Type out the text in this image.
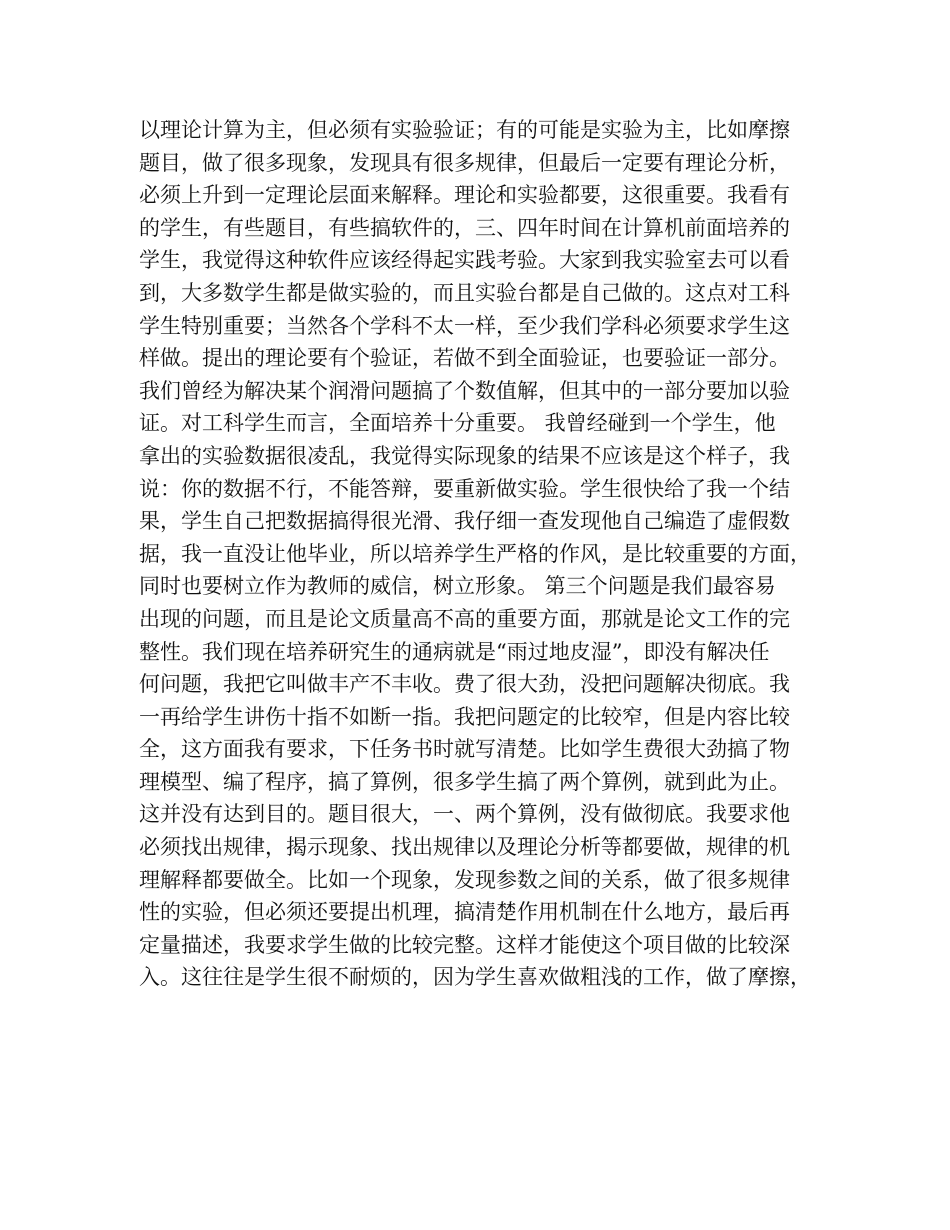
以理论计算为主，但必须有实验验证；有的可能是实验为主，比如摩擦
题目，做了很多现象，发现具有很多规律，但最后一定要有理论分析，
必须上升到一定理论层面来解释。理论和实验都要，这很重要。我看有
的学生，有些题目，有些搞软件的，三、四年时间在计算机前面培养的
学生，我觉得这种软件应该经得起实践考验。大家到我实验室去可以看
到，大多数学生都是做实验的，而且实验台都是自己做的。这点对工科
学生特别重要；当然各个学科不太一样，至少我们学科必须要求学生这
样做。提出的理论要有个验证，若做不到全面验证，也要验证一部分。
我们曾经为解决某个润滑问题搞了个数值解，但其中的一部分要加以验
证。对工科学生而言，全面培养十分重要。 我曾经碰到一个学生，他
拿出的实验数据很凌乱，我觉得实际现象的结果不应该是这个样子，我
说：你的数据不行，不能答辩，要重新做实验。学生很快给了我一个结
果，学生自己把数据搞得很光滑、我仔细一查发现他自己编造了虚假数
据，我一直没让他毕业，所以培养学生严格的作风，是比较重要的方面，
同时也要树立作为教师的威信，树立形象。 第三个问题是我们最容易
出现的问题，而且是论文质量高不高的重要方面，那就是论文工作的完
整性。我们现在培养研究生的通病就是“雨过地皮湿”，即没有解决任
何问题，我把它叫做丰产不丰收。费了很大劲，没把问题解决彻底。我
一再给学生讲伤十指不如断一指。我把问题定的比较窄，但是内容比较
全，这方面我有要求，下任务书时就写清楚。比如学生费很大劲搞了物
理模型、编了程序，搞了算例，很多学生搞了两个算例，就到此为止。
这并没有达到目的。题目很大，一、两个算例，没有做彻底。我要求他
必须找出规律，揭示现象、找出规律以及理论分析等都要做，规律的机
理解释都要做全。比如一个现象，发现参数之间的关系，做了很多规律
性的实验，但必须还要提出机理，搞清楚作用机制在什么地方，最后再
定量描述，我要求学生做的比较完整。这样才能使这个项目做的比较深
入。这往往是学生很不耐烦的，因为学生喜欢做粗浅的工作，做了摩擦，
